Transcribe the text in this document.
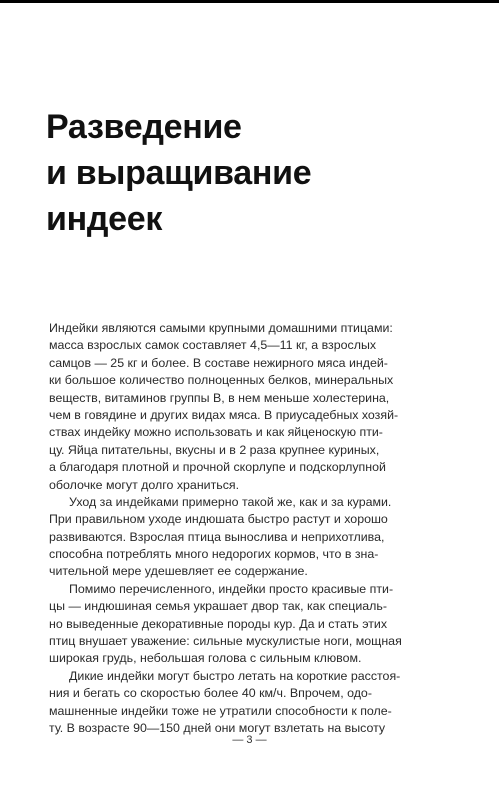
Разведение
и выращивание
индеек
Индейки являются самыми крупными домашними птицами:
масса взрослых самок составляет 4,5—11 кг, а взрослых
самцов — 25 кг и более. В составе нежирного мяса индей-
ки большое количество полноценных белков, минеральных
веществ, витаминов группы В, в нем меньше холестерина,
чем в говядине и других видах мяса. В приусадебных хозяй-
ствах индейку можно использовать и как яйценоскую пти-
цу. Яйца питательны, вкусны и в 2 раза крупнее куриных,
а благодаря плотной и прочной скорлупе и подскорлупной
оболочке могут долго храниться.
Уход за индейками примерно такой же, как и за курами.
При правильном уходе индюшата быстро растут и хорошо
развиваются. Взрослая птица вынослива и неприхотлива,
способна потреблять много недорогих кормов, что в зна-
чительной мере удешевляет ее содержание.
Помимо перечисленного, индейки просто красивые пти-
цы — индюшиная семья украшает двор так, как специаль-
но выведенные декоративные породы кур. Да и стать этих
птиц внушает уважение: сильные мускулистые ноги, мощная
широкая грудь, небольшая голова с сильным клювом.
Дикие индейки могут быстро летать на короткие расстоя-
ния и бегать со скоростью более 40 км/ч. Впрочем, одо-
машненные индейки тоже не утратили способности к поле-
ту. В возрасте 90—150 дней они могут взлетать на высоту
— 3 —
